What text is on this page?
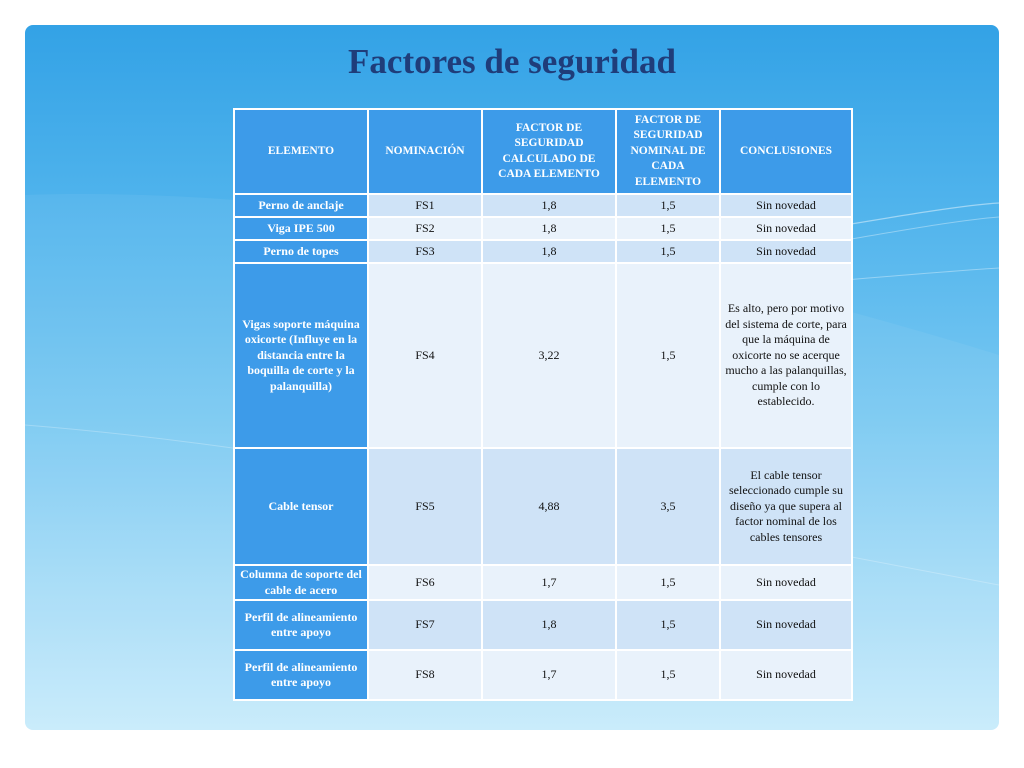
Factores de seguridad
ELEMENTO	NOMINACIÓN	FACTOR DE SEGURIDAD CALCULADO DE CADA ELEMENTO	FACTOR DE SEGURIDAD NOMINAL DE CADA ELEMENTO	CONCLUSIONES
Perno de anclaje	FS1	1,8	1,5	Sin novedad
Viga IPE 500	FS2	1,8	1,5	Sin novedad
Perno de topes	FS3	1,8	1,5	Sin novedad
Vigas soporte máquina oxicorte (Influye en la distancia entre la boquilla de corte y la palanquilla)	FS4	3,22	1,5	Es alto, pero por motivo del sistema de corte, para que la máquina de oxicorte no se acerque mucho a las palanquillas, cumple con lo establecido.
Cable tensor	FS5	4,88	3,5	El cable tensor seleccionado cumple su diseño ya que supera al factor nominal de los cables tensores
Columna de soporte del cable de acero	FS6	1,7	1,5	Sin novedad
Perfil de alineamiento entre apoyo	FS7	1,8	1,5	Sin novedad
Perfil de alineamiento entre apoyo	FS8	1,7	1,5	Sin novedad
